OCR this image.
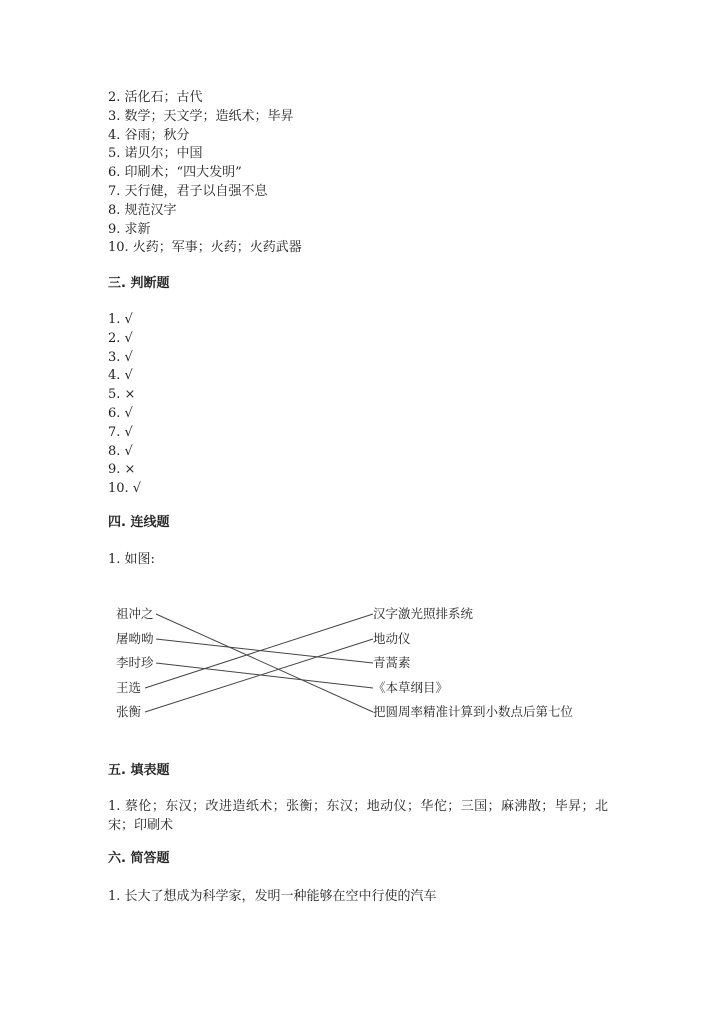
2. 活化石；古代
3. 数学；天文学；造纸术；毕昇
4. 谷雨；秋分
5. 诺贝尔；中国
6. 印刷术；“四大发明”
7. 天行健，君子以自强不息
8. 规范汉字
9. 求新
10. 火药；军事；火药；火药武器
三. 判断题
1. √
2. √
3. √
4. √
5. ×
6. √
7. √
8. √
9. ×
10. √
四. 连线题
1. 如图:
祖冲之
屠呦呦
李时珍
王选
张衡
汉字激光照排系统
地动仪
青蒿素
《本草纲目》
把圆周率精准计算到小数点后第七位
五. 填表题
1. 蔡伦；东汉；改进造纸术；张衡；东汉；地动仪；华佗；三国；麻沸散；毕昇；北宋；印刷术
六. 简答题
1. 长大了想成为科学家，发明一种能够在空中行使的汽车
